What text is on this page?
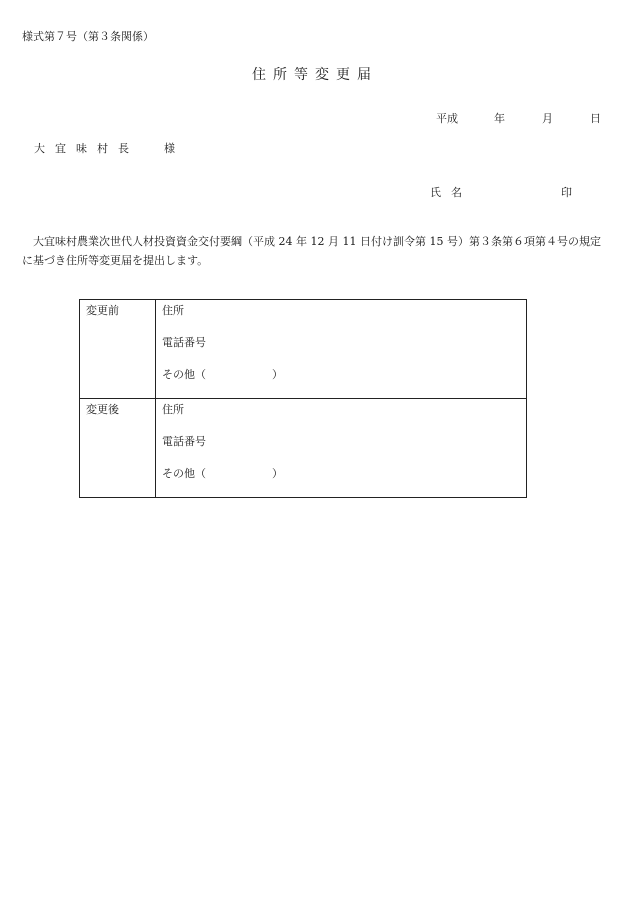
様式第７号（第３条関係）
住所等変更届
平成	年	月	日
大宜味村長 様
氏名	印
大宜味村農業次世代人材投資資金交付要綱（平成 24 年 12 月 11 日付け訓令第 15 号）第３条第６項第４号の規定に基づき住所等変更届を提出します。
変更前	住所
電話番号
その他（ ）

変更後	住所
電話番号
その他（ ）
